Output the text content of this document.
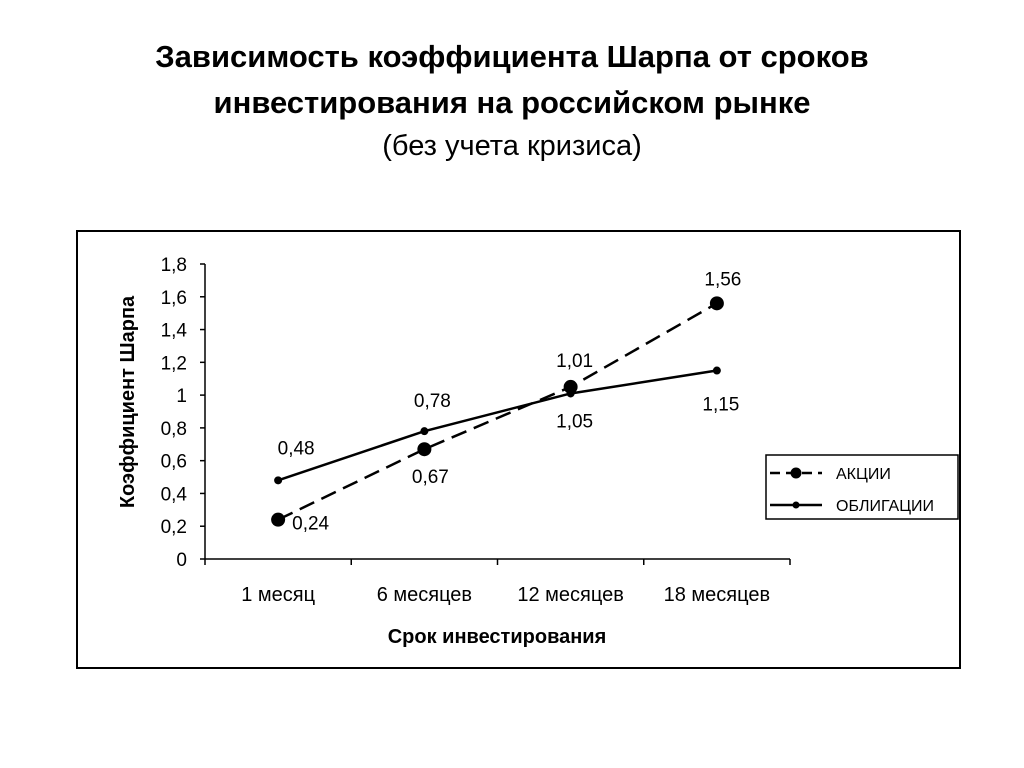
Зависимость коэффициента Шарпа от сроков
инвестирования на российском рынке
(без учета кризиса)
0
0,2
0,4
0,6
0,8
1
1,2
1,4
1,6
1,8
1 месяц	6 месяцев 12 месяцев 18 месяцев
0,24
0,67
1,01
1,56
0,48
0,78
1,05
1,15
Коэффициент Шарпа
Срок инвестирования
АКЦИИ
ОБЛИГАЦИИ
